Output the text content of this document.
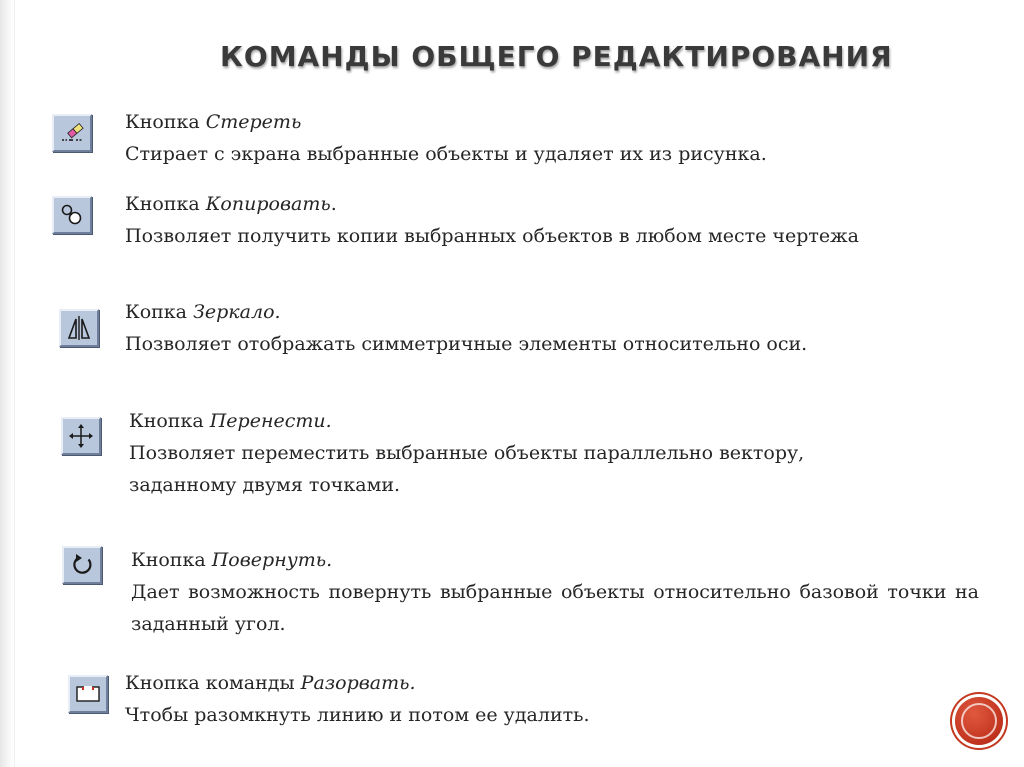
КОМАНДЫ ОБЩЕГО РЕДАКТИРОВАНИЯ
Кнопка Стереть
Стирает с экрана выбранные объекты и удаляет их из рисунка.
Кнопка Копировать.
Позволяет получить копии выбранных объектов в любом месте чертежа
Копка Зеркало.
Позволяет отображать симметричные элементы относительно оси.
Кнопка Перенести.
Позволяет переместить выбранные объекты параллельно вектору,
заданному двумя точками.
Кнопка Повернуть.
Дает возможность повернуть выбранные объекты относительно базовой точки на заданный угол.
Кнопка команды Разорвать.
Чтобы разомкнуть линию и потом ее удалить.
